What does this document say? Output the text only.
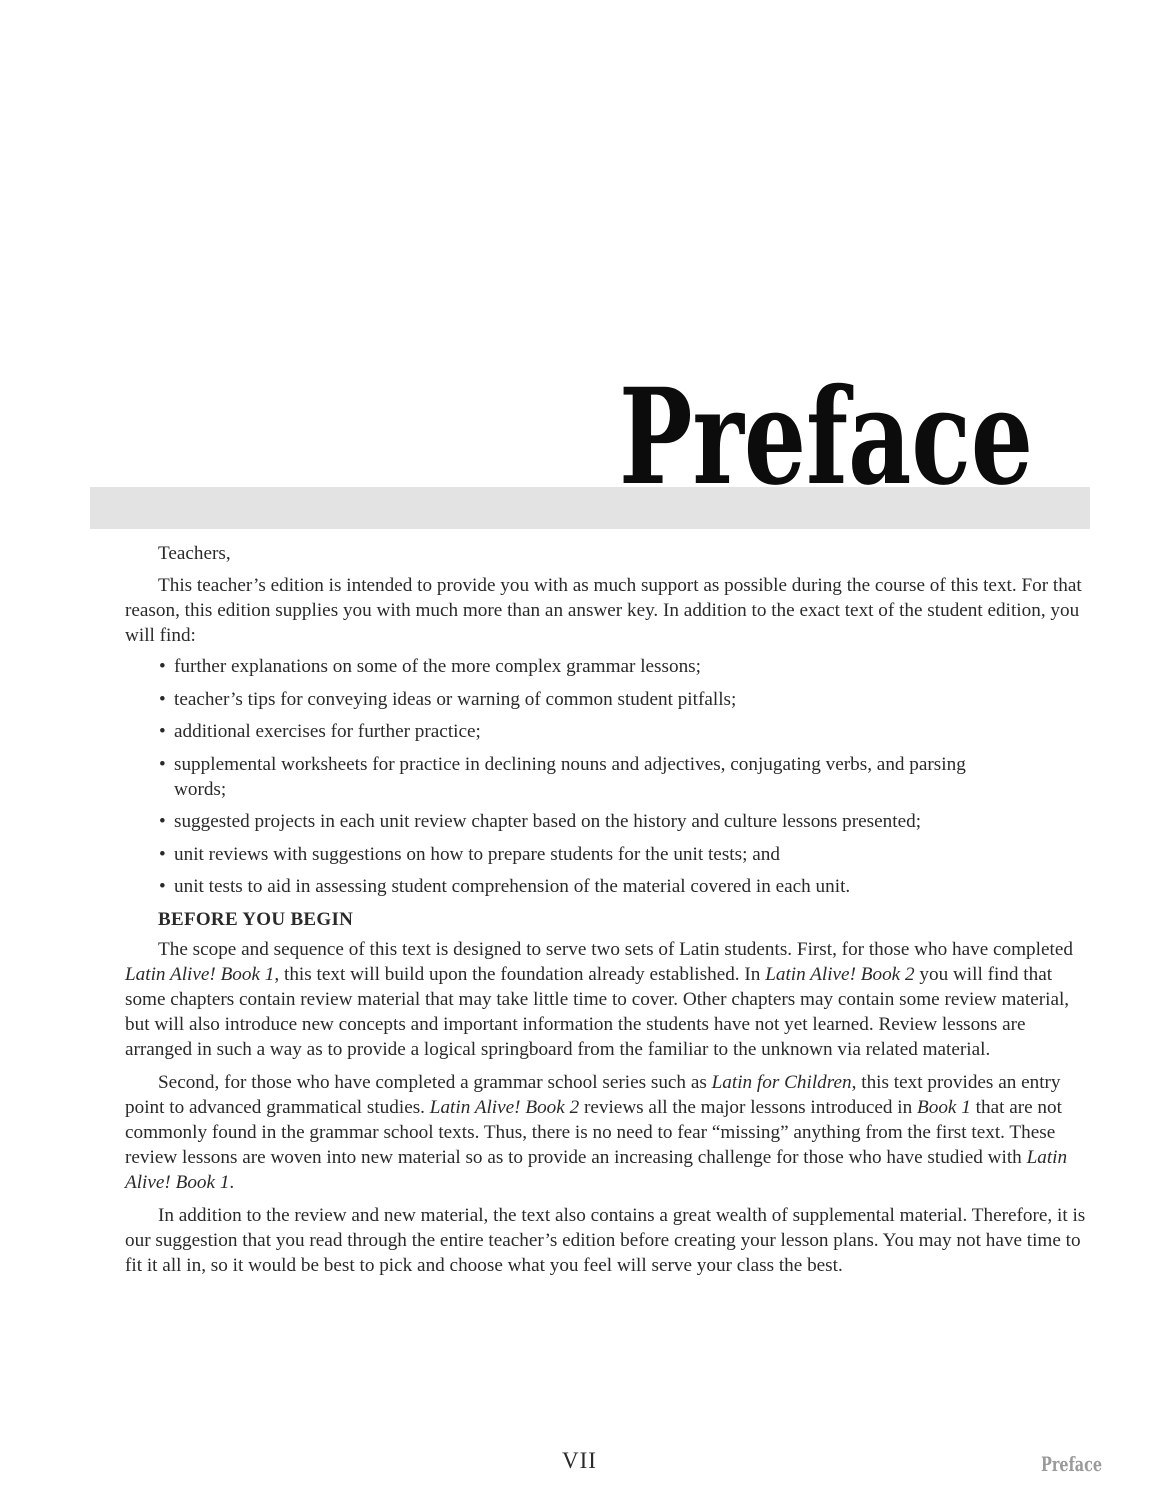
Preface

Teachers,

This teacher’s edition is intended to provide you with as much support as possible during the course of this text. For that reason, this edition supplies you with much more than an answer key. In addition to the exact text of the student edition, you will find:

• further explanations on some of the more complex grammar lessons;
• teacher’s tips for conveying ideas or warning of common student pitfalls;
• additional exercises for further practice;
• supplemental worksheets for practice in declining nouns and adjectives, conjugating verbs, and parsing words;
• suggested projects in each unit review chapter based on the history and culture lessons presented;
• unit reviews with suggestions on how to prepare students for the unit tests; and
• unit tests to aid in assessing student comprehension of the material covered in each unit.
BEFORE YOU BEGIN

The scope and sequence of this text is designed to serve two sets of Latin students. First, for those who have completed Latin Alive! Book 1, this text will build upon the foundation already established. In Latin Alive! Book 2 you will find that some chapters contain review material that may take little time to cover. Other chapters may contain some review material, but will also introduce new concepts and important information the students have not yet learned. Review lessons are arranged in such a way as to provide a logical springboard from the familiar to the unknown via related material.

Second, for those who have completed a grammar school series such as Latin for Children, this text provides an entry point to advanced grammatical studies. Latin Alive! Book 2 reviews all the major lessons introduced in Book 1 that are not commonly found in the grammar school texts. Thus, there is no need to fear “missing” anything from the first text. These review lessons are woven into new material so as to provide an increasing challenge for those who have studied with Latin Alive! Book 1.

In addition to the review and new material, the text also contains a great wealth of supplemental material. Therefore, it is our suggestion that you read through the entire teacher’s edition before creating your lesson plans. You may not have time to fit it all in, so it would be best to pick and choose what you feel will serve your class the best.

VII	Preface
